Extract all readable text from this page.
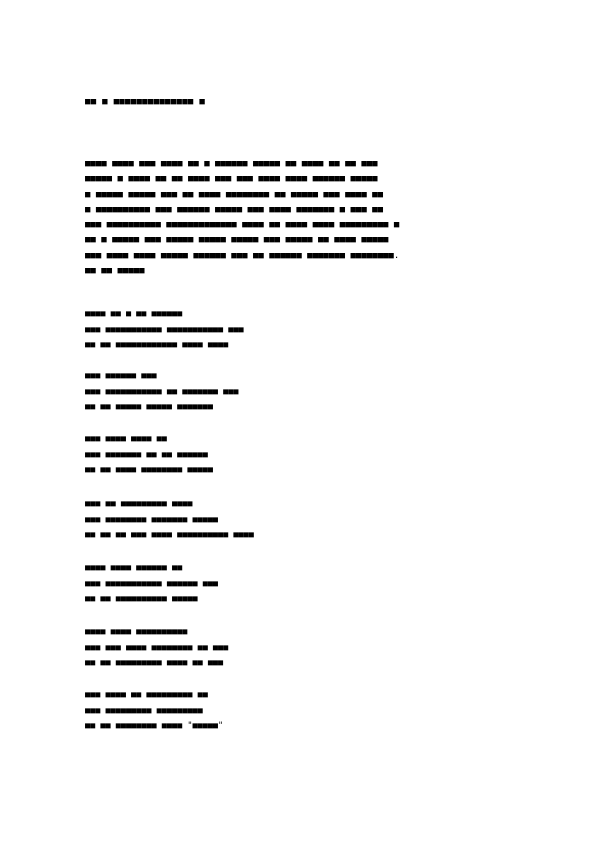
■■ ■ ■■■■■■■■■■■■■■ ■

■■■■ ■■■■ ■■■ ■■■■ ■■ ■ ■■■■■■ ■■■■■ ■■ ■■■■ ■■ ■■ ■■■
■■■■■ ■ ■■■■ ■■ ■■ ■■■■ ■■■ ■■■ ■■■■ ■■■■ ■■■■■■ ■■■■■
■ ■■■■■ ■■■■■ ■■■ ■■ ■■■■ ■■■■■■■■ ■■ ■■■■■ ■■■ ■■■■ ■■
■ ■■■■■■■■■■ ■■■ ■■■■■■ ■■■■■ ■■■ ■■■■ ■■■■■■■ ■ ■■■ ■■
■■■ ■■■■■■■■■■ ■■■■■■■■■■■■■ ■■■■ ■■ ■■■■ ■■■■ ■■■■■■■■■ ■
■■ ■ ■■■■■ ■■■ ■■■■■ ■■■■■ ■■■■■ ■■■ ■■■■■ ■■ ■■■■ ■■■■■
■■■ ■■■■ ■■■■ ■■■■■ ■■■■■■ ■■■ ■■ ■■■■■■ ■■■■■■■ ■■■■■■■■.
■■ ■■ ■■■■■

■■■■ ■■ ■ ■■ ■■■■■■
■■■ ■■■■■■■■■■■ ■■■■■■■■■■■ ■■■
■■ ■■ ■■■■■■■■■■■■ ■■■■ ■■■■
■■■ ■■■■■■ ■■■
■■■ ■■■■■■■■■■■ ■■ ■■■■■■■ ■■■
■■ ■■ ■■■■■ ■■■■■ ■■■■■■■
■■■ ■■■■ ■■■■ ■■
■■■ ■■■■■■■ ■■ ■■ ■■■■■■
■■ ■■ ■■■■ ■■■■■■■■ ■■■■■
■■■ ■■ ■■■■■■■■■ ■■■■
■■■ ■■■■■■■■ ■■■■■■■ ■■■■■
■■ ■■ ■■ ■■■ ■■■■ ■■■■■■■■■■ ■■■■
■■■■ ■■■■ ■■■■■■ ■■
■■■ ■■■■■■■■■■■ ■■■■■■ ■■■
■■ ■■ ■■■■■■■■■■ ■■■■■
■■■■ ■■■■ ■■■■■■■■■■
■■■ ■■■ ■■■■ ■■■■■■■■ ■■ ■■■
■■ ■■ ■■■■■■■■■ ■■■■ ■■ ■■■
■■■ ■■■■ ■■ ■■■■■■■■■ ■■
■■■ ■■■■■■■■■ ■■■■■■■■■
■■ ■■ ■■■■■■■■ ■■■■ "■■■■■"
